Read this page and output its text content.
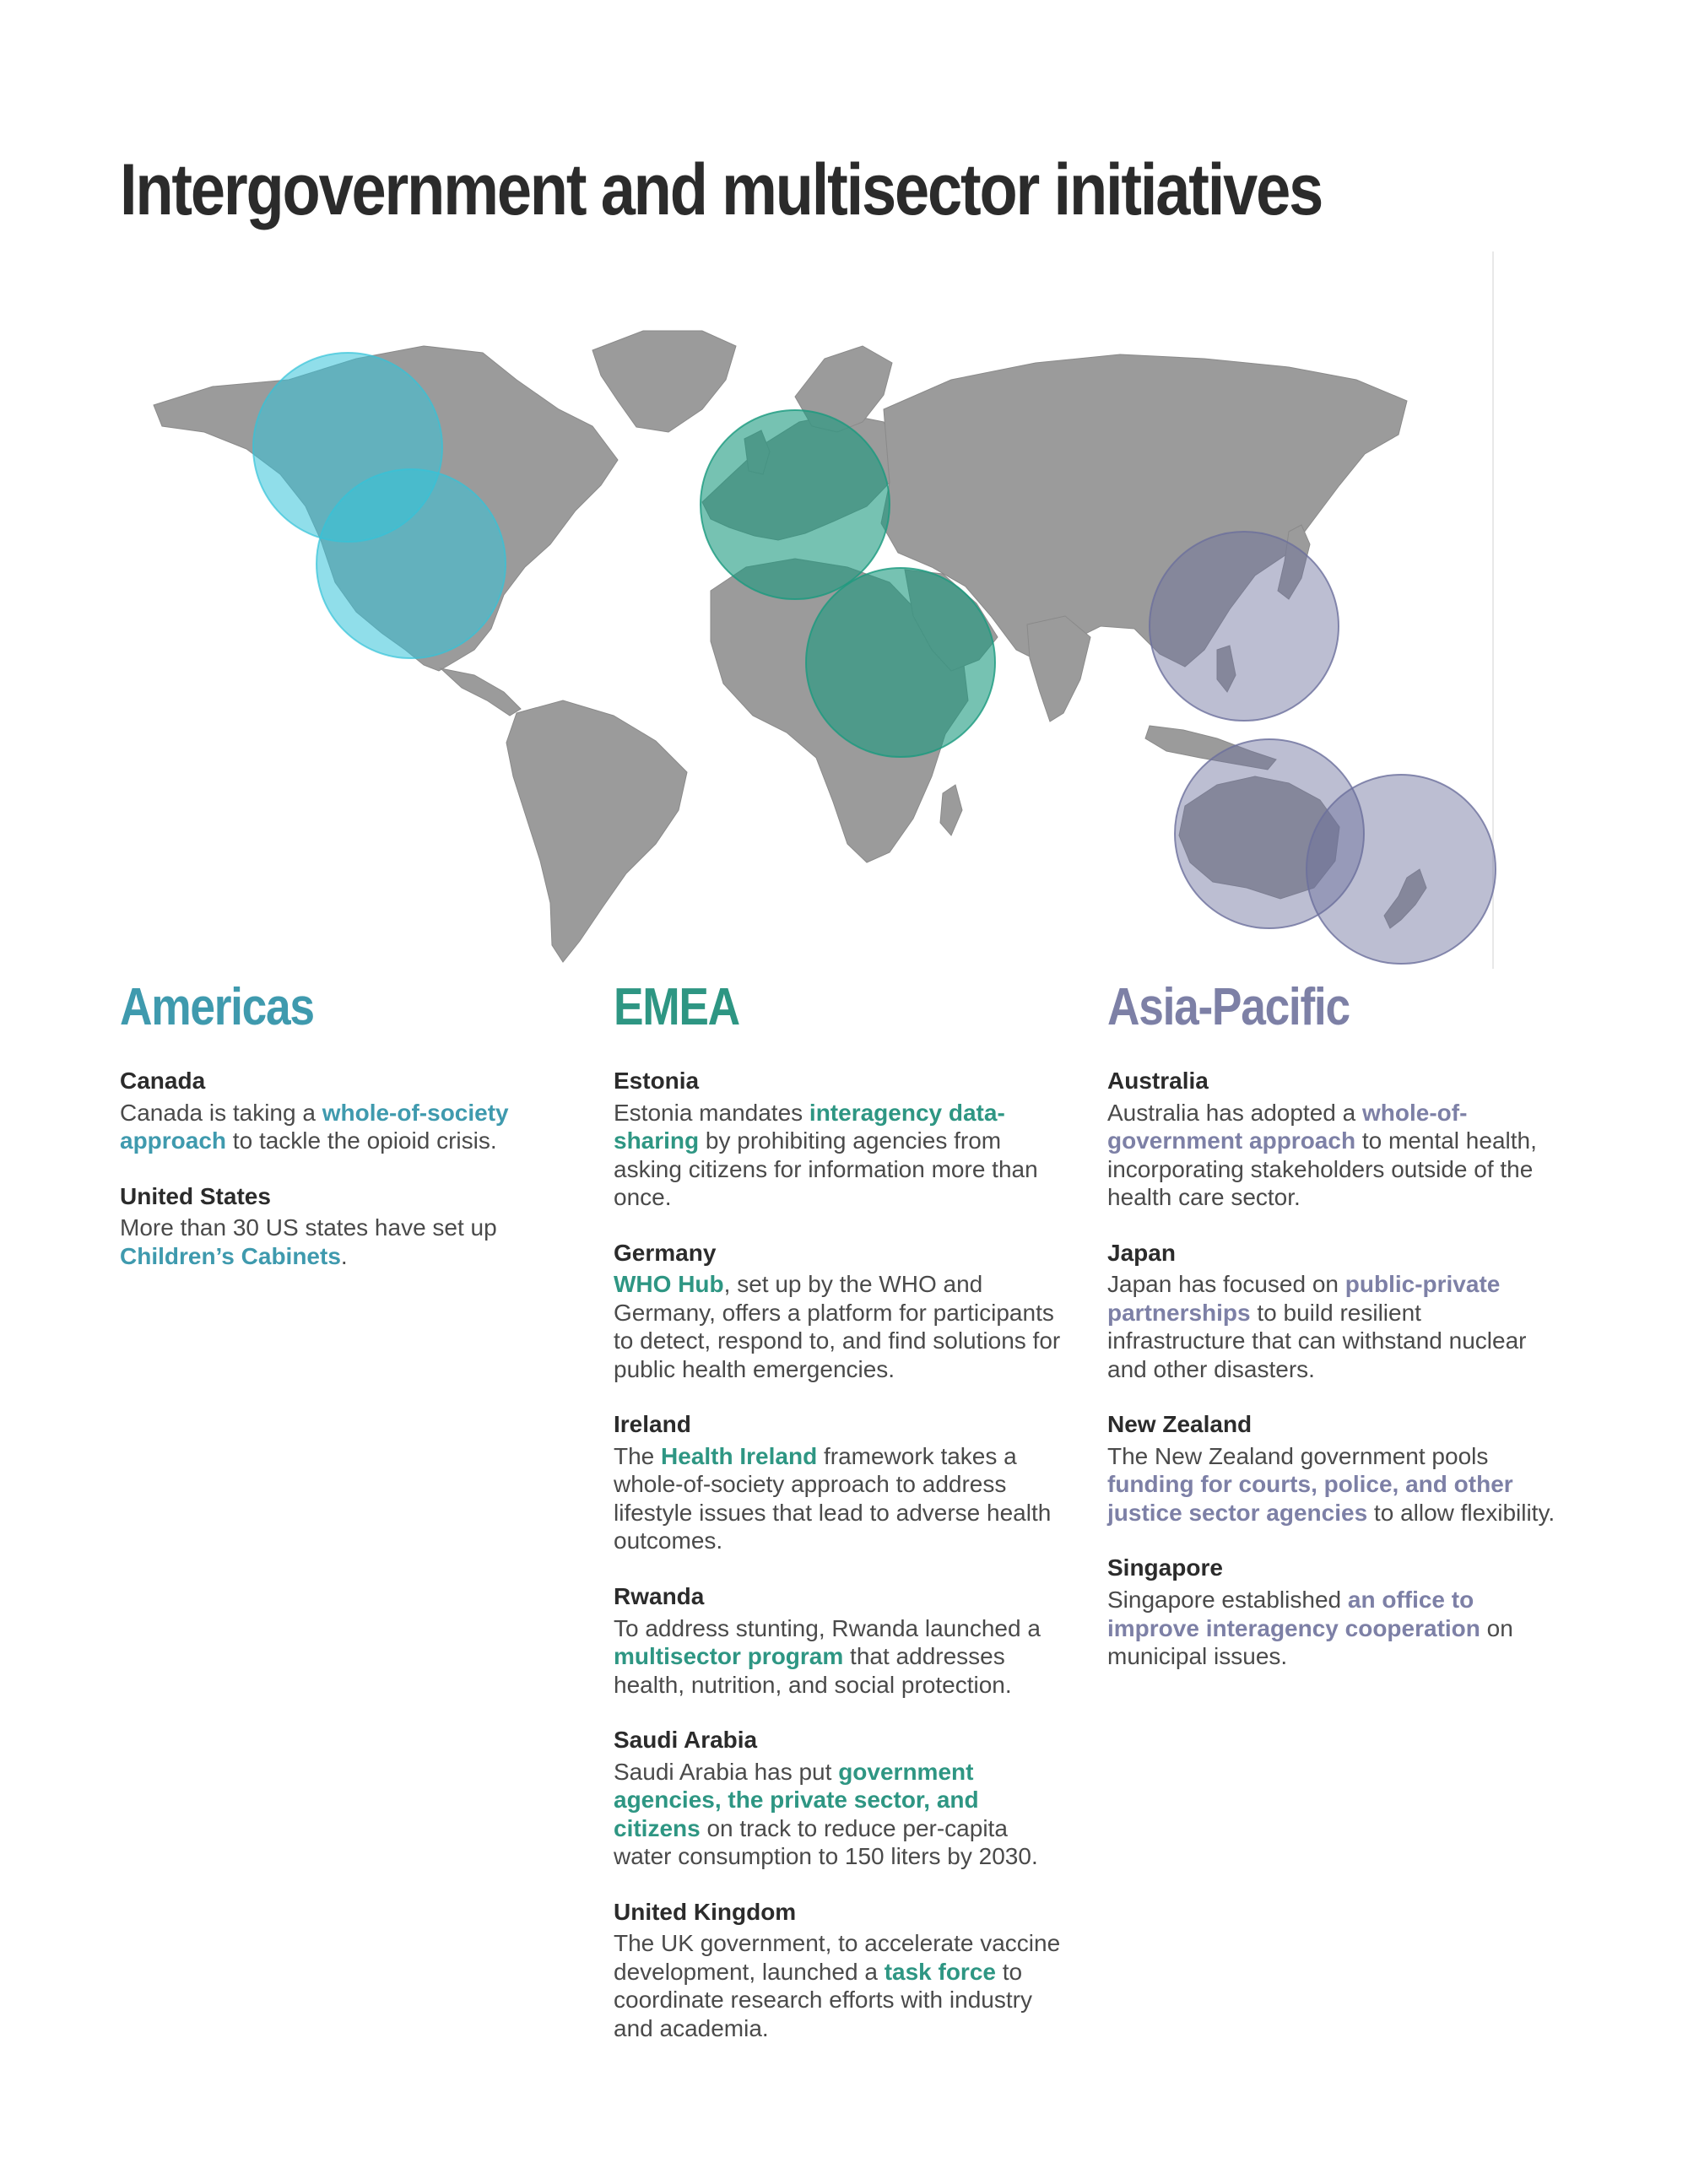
Intergovernment and multisector initiatives
Americas
Canada

Canada is taking a whole-of-society approach to tackle the opioid crisis.

United States

More than 30 US states have set up Children’s Cabinets.

EMEA
Estonia

Estonia mandates interagency data-sharing by prohibiting agencies from asking citizens for information more than once.

Germany

WHO Hub, set up by the WHO and Germany, offers a platform for participants to detect, respond to, and find solutions for public health emergencies.

Ireland

The Health Ireland framework takes a whole-of-society approach to address lifestyle issues that lead to adverse health outcomes.

Rwanda

To address stunting, Rwanda launched a multisector program that addresses health, nutrition, and social protection.

Saudi Arabia

Saudi Arabia has put government agencies, the private sector, and citizens on track to reduce per-capita water consumption to 150 liters by 2030.

United Kingdom

The UK government, to accelerate vaccine development, launched a task force to coordinate research efforts with industry and academia.

Asia-Pacific
Australia

Australia has adopted a whole-of-government approach to mental health, incorporating stakeholders outside of the health care sector.

Japan

Japan has focused on public-private partnerships to build resilient infrastructure that can withstand nuclear and other disasters.

New Zealand

The New Zealand government pools funding for courts, police, and other justice sector agencies to allow flexibility.

Singapore

Singapore established an office to improve interagency cooperation on municipal issues.
